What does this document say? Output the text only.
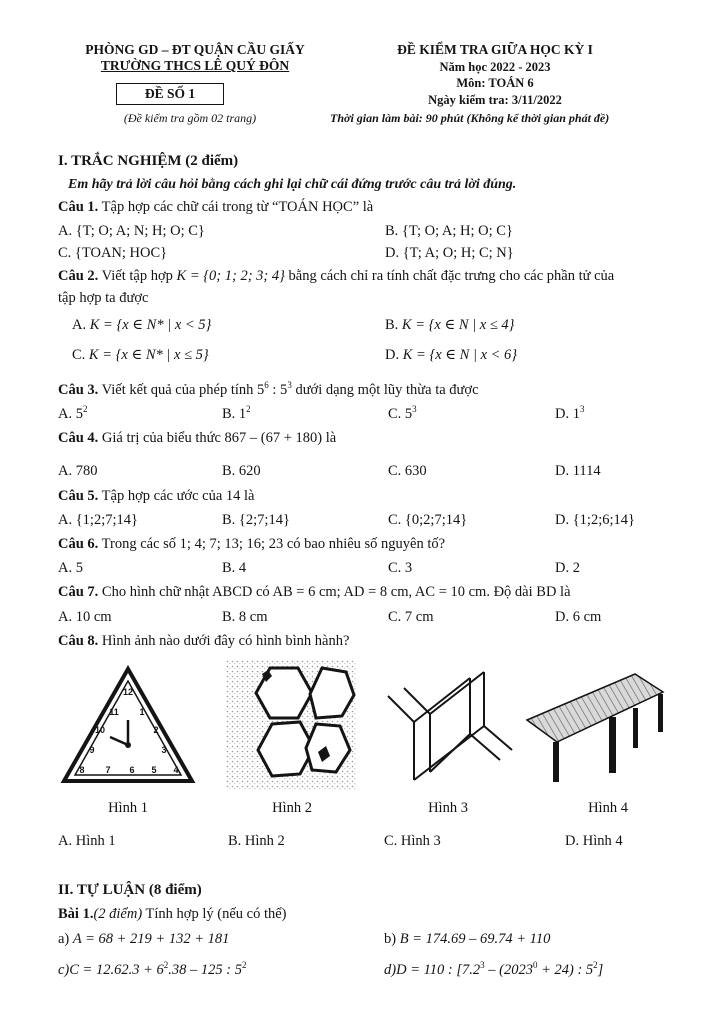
PHÒNG GD – ĐT QUẬN CẦU GIẤY
TRƯỜNG THCS LÊ QUÝ ĐÔN
ĐỀ SỐ 1
(Đề kiểm tra gồm 02 trang)
ĐỀ KIỂM TRA GIỮA HỌC KỲ I
Năm học 2022 - 2023
Môn: TOÁN 6
Ngày kiểm tra: 3/11/2022
Thời gian làm bài: 90 phút (Không kể thời gian phát đề)
I. TRẮC NGHIỆM (2 điểm)
Em hãy trả lời câu hỏi bằng cách ghi lại chữ cái đứng trước câu trả lời đúng.
Câu 1. Tập hợp các chữ cái trong từ “TOÁN HỌC” là
A. {T; O; A; N; H; O; C}	B. {T; O; A; H; O; C}
C. {TOAN; HOC}	D. {T; A; O; H; C; N}
Câu 2. Viết tập hợp K = {0; 1; 2; 3; 4} bằng cách chỉ ra tính chất đặc trưng cho các phần tử của
tập hợp ta được
A. K = {x ∈ N* | x < 5}	B. K = {x ∈ N | x ≤ 4}
C. K = {x ∈ N* | x ≤ 5}	D. K = {x ∈ N | x < 6}
Câu 3. Viết kết quả của phép tính $5^6$ : $5^3$ dưới dạng một lũy thừa ta được
A. $5^2$	B. $1^2$	C. $5^3$	D. $1^3$
Câu 4. Giá trị của biểu thức 867 – (67 + 180) là
A. 780	B. 620	C. 630	D. 1114
Câu 5. Tập hợp các ước của 14 là
A. {1;2;7;14}	B. {2;7;14}	C. {0;2;7;14}	D. {1;2;6;14}
Câu 6. Trong các số 1; 4; 7; 13; 16; 23 có bao nhiêu số nguyên tố?
A. 5	B. 4	C. 3	D. 2
Câu 7. Cho hình chữ nhật ABCD có AB = 6 cm; AD = 8 cm, AC = 10 cm. Độ dài BD là
A. 10 cm	B. 8 cm	C. 7 cm	D. 6 cm
Câu 8. Hình ảnh nào dưới đây có hình bình hành?
12
11 1
10	2
9	3
8 7 6 5 4
Hình 1	Hình 2	Hình 3	Hình 4
A. Hình 1	B. Hình 2	C. Hình 3	D. Hình 4
II. TỰ LUẬN (8 điểm)
Bài 1.(2 điểm) Tính hợp lý (nếu có thể)
a) A = 68 + 219 + 132 + 181	b) B = 174.69 – 69.74 + 110
$c)C = 12.62.3 + 6^2.38 - 125$ : $5^2$	d)D = 110 : [$7.2^3 - (2023^0 + 24)$ : $5^2$]
